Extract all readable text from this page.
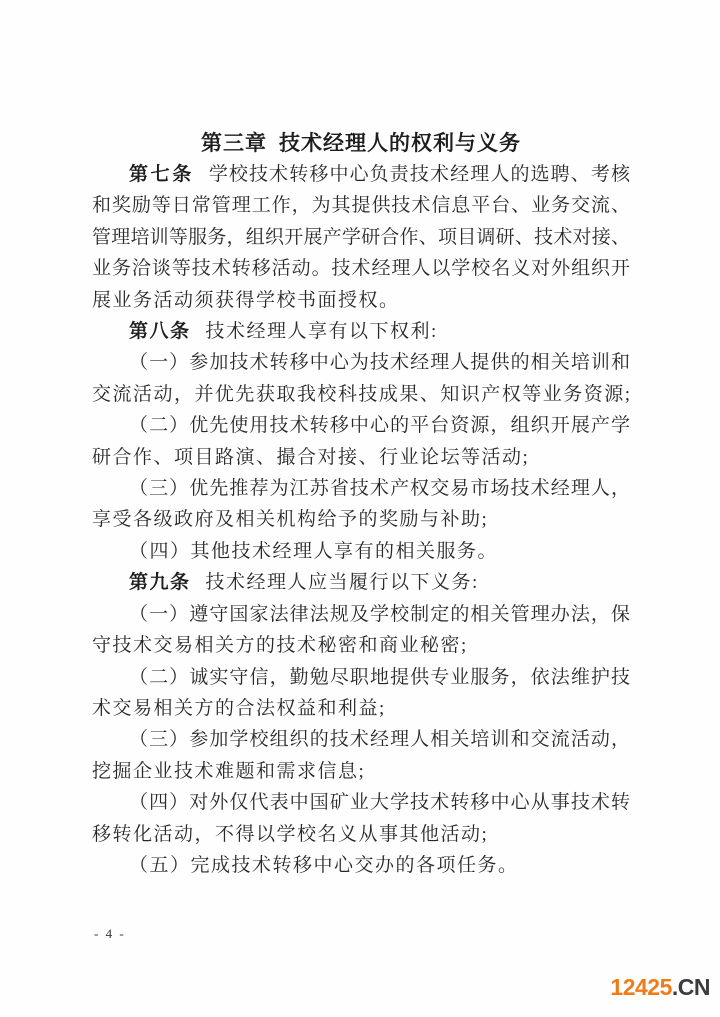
第三章 技术经理人的权利与义务

第七条 学校技术转移中心负责技术经理人的选聘、考核

和奖励等日常管理工作，为其提供技术信息平台、业务交流、

管理培训等服务，组织开展产学研合作、项目调研、技术对接、

业务洽谈等技术转移活动。技术经理人以学校名义对外组织开

展业务活动须获得学校书面授权。

第八条 技术经理人享有以下权利:

（一）参加技术转移中心为技术经理人提供的相关培训和

交流活动，并优先获取我校科技成果、知识产权等业务资源;

（二）优先使用技术转移中心的平台资源，组织开展产学

研合作、项目路演、撮合对接、行业论坛等活动;

（三）优先推荐为江苏省技术产权交易市场技术经理人，

享受各级政府及相关机构给予的奖励与补助;

（四）其他技术经理人享有的相关服务。

第九条 技术经理人应当履行以下义务:

（一）遵守国家法律法规及学校制定的相关管理办法，保

守技术交易相关方的技术秘密和商业秘密;

（二）诚实守信，勤勉尽职地提供专业服务，依法维护技

术交易相关方的合法权益和利益;

（三）参加学校组织的技术经理人相关培训和交流活动，

挖掘企业技术难题和需求信息;

（四）对外仅代表中国矿业大学技术转移中心从事技术转

移转化活动，不得以学校名义从事其他活动;

（五）完成技术转移中心交办的各项任务。

- 4 -
12425.CN
